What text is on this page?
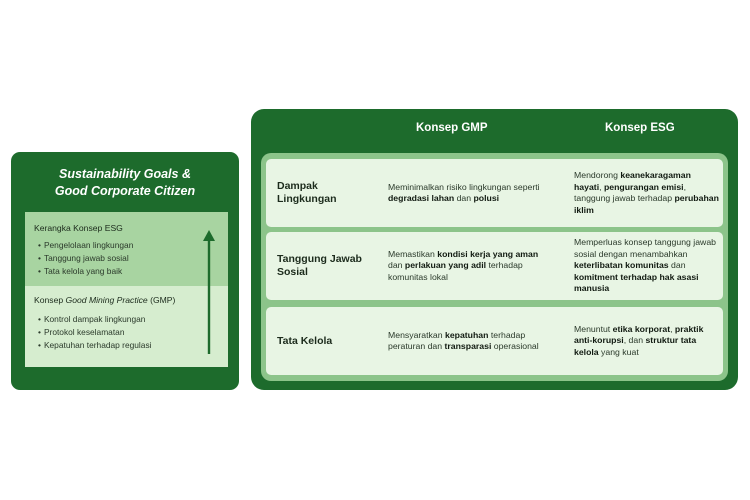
Sustainability Goals &
Good Corporate Citizen
Kerangka Konsep ESG
• Pengelolaan lingkungan
• Tanggung jawab sosial
• Tata kelola yang baik
Konsep Good Mining Practice (GMP)
• Kontrol dampak lingkungan
• Protokol keselamatan
• Kepatuhan terhadap regulasi
Konsep GMP	Konsep ESG
Dampak Lingkungan
Meminimalkan risiko lingkungan seperti degradasi lahan dan polusi
Mendorong keanekaragaman hayati, pengurangan emisi, tanggung jawab terhadap perubahan iklim
Tanggung Jawab Sosial
Memastikan kondisi kerja yang aman dan perlakuan yang adil terhadap komunitas lokal
Memperluas konsep tanggung jawab sosial dengan menambahkan keterlibatan komunitas dan komitment terhadap hak asasi manusia
Tata Kelola	Mensyaratkan kepatuhan terhadap peraturan dan transparasi operasional
Menuntut etika korporat, praktik anti-korupsi, dan struktur tata kelola yang kuat
